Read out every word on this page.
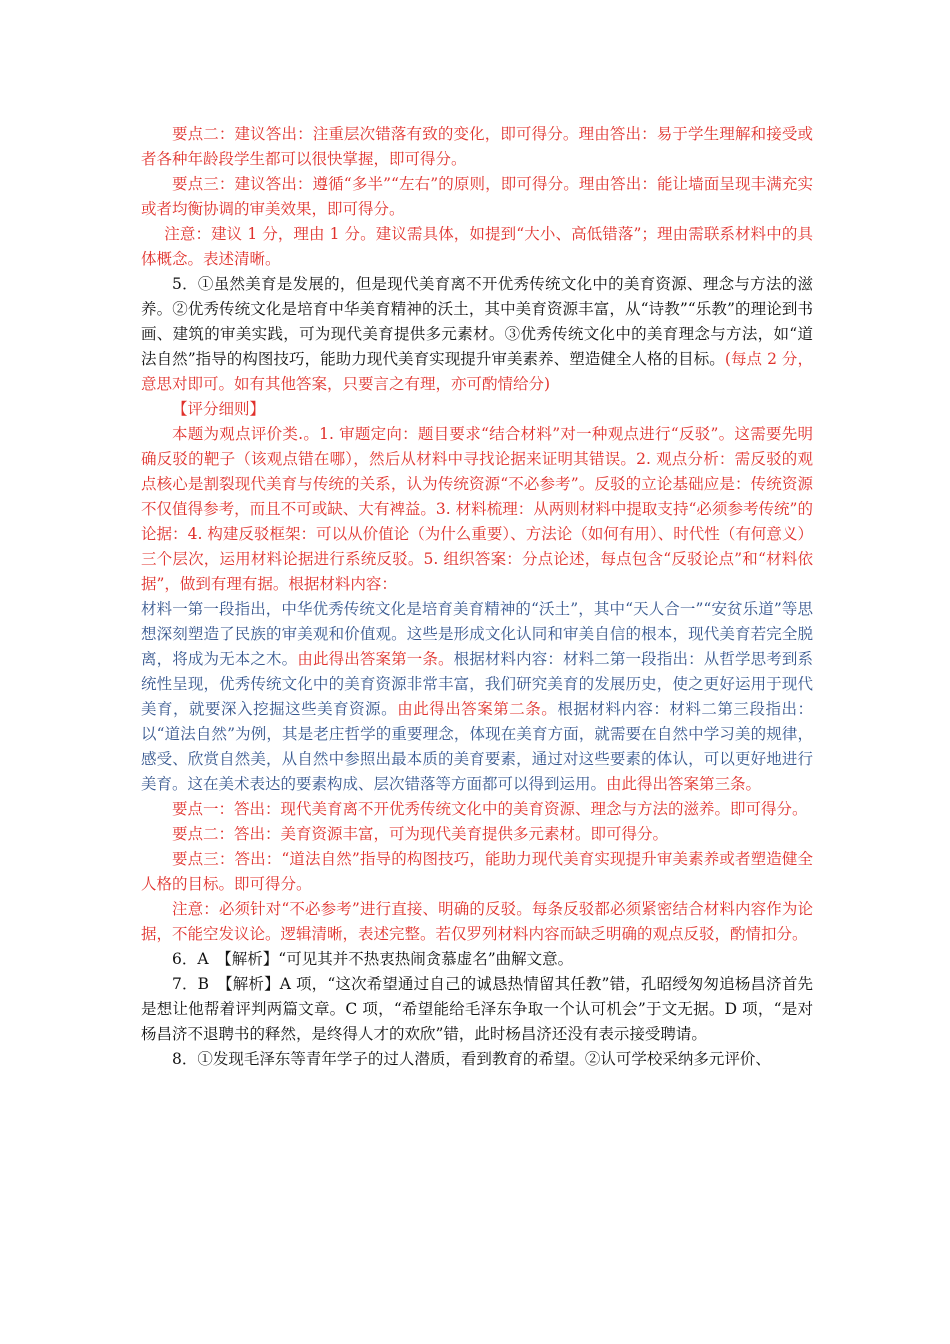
要点二：建议答出：注重层次错落有致的变化，即可得分。理由答出：易于学生理解和接受或者各种年龄段学生都可以很快掌握，即可得分。

要点三：建议答出：遵循“多半”“左右”的原则，即可得分。理由答出：能让墙面呈现丰满充实或者均衡协调的审美效果，即可得分。

注意：建议 1 分，理由 1 分。建议需具体，如提到“大小、高低错落”；理由需联系材料中的具体概念。表述清晰。

5．①虽然美育是发展的，但是现代美育离不开优秀传统文化中的美育资源、理念与方法的滋养。②优秀传统文化是培育中华美育精神的沃土，其中美育资源丰富，从“诗教”“乐教”的理论到书画、建筑的审美实践，可为现代美育提供多元素材。③优秀传统文化中的美育理念与方法，如“道法自然”指导的构图技巧，能助力现代美育实现提升审美素养、塑造健全人格的目标。(每点 2 分，意思对即可。如有其他答案，只要言之有理，亦可酌情给分)

【评分细则】

本题为观点评价类.。1. 审题定向：题目要求“结合材料”对一种观点进行“反驳”。这需要先明确反驳的靶子（该观点错在哪），然后从材料中寻找论据来证明其错误。2. 观点分析：需反驳的观点核心是割裂现代美育与传统的关系，认为传统资源“不必参考”。反驳的立论基础应是：传统资源不仅值得参考，而且不可或缺、大有裨益。3. 材料梳理：从两则材料中提取支持“必须参考传统”的论据：4. 构建反驳框架：可以从价值论（为什么重要）、方法论（如何有用）、时代性（有何意义） 三个层次，运用材料论据进行系统反驳。5. 组织答案：分点论述，每点包含“反驳论点”和“材料依据”，做到有理有据。根据材料内容：

材料一第一段指出，中华优秀传统文化是培育美育精神的“沃土”，其中“天人合一”“安贫乐道”等思想深刻塑造了民族的审美观和价值观。这些是形成文化认同和审美自信的根本，现代美育若完全脱离，将成为无本之木。由此得出答案第一条。根据材料内容：材料二第一段指出：从哲学思考到系统性呈现，优秀传统文化中的美育资源非常丰富，我们研究美育的发展历史，使之更好运用于现代美育，就要深入挖掘这些美育资源。由此得出答案第二条。根据材料内容：材料二第三段指出：以“道法自然”为例，其是老庄哲学的重要理念，体现在美育方面，就需要在自然中学习美的规律，感受、欣赏自然美，从自然中参照出最本质的美育要素，通过对这些要素的体认，可以更好地进行美育。这在美术表达的要素构成、层次错落等方面都可以得到运用。由此得出答案第三条。

要点一：答出：现代美育离不开优秀传统文化中的美育资源、理念与方法的滋养。即可得分。

要点二：答出：美育资源丰富，可为现代美育提供多元素材。即可得分。

要点三：答出：“道法自然”指导的构图技巧，能助力现代美育实现提升审美素养或者塑造健全人格的目标。即可得分。

注意：必须针对“不必参考”进行直接、明确的反驳。每条反驳都必须紧密结合材料内容作为论据，不能空发议论。逻辑清晰，表述完整。若仅罗列材料内容而缺乏明确的观点反驳，酌情扣分。

6．A　【解析】“可见其并不热衷热闹贪慕虚名”曲解文意。

7．B　【解析】A 项，“这次希望通过自己的诚恳热情留其任教”错，孔昭绶匆匆追杨昌济首先是想让他帮着评判两篇文章。C 项，“希望能给毛泽东争取一个认可机会”于文无据。D 项，“是对杨昌济不退聘书的释然，是终得人才的欢欣”错，此时杨昌济还没有表示接受聘请。

8．①发现毛泽东等青年学子的过人潜质，看到教育的希望。②认可学校采纳多元评价、
